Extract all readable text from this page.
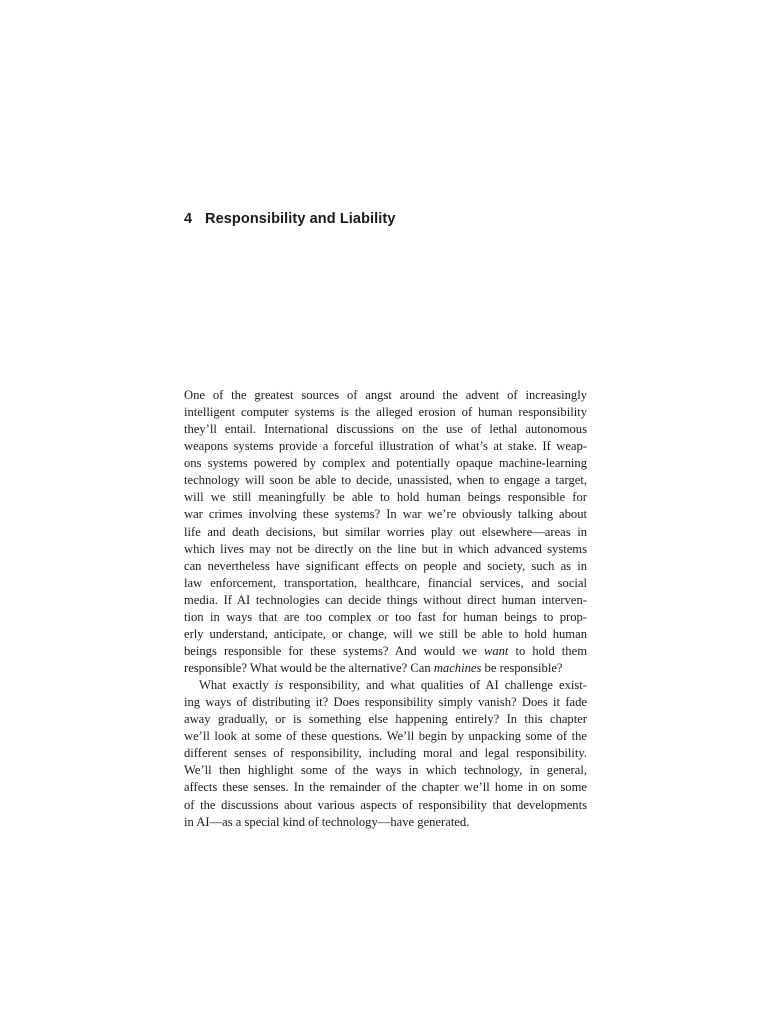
4 Responsibility and Liability

One of the greatest sources of angst around the advent of increasingly
intelligent computer systems is the alleged erosion of human responsibility
they’ll entail. International discussions on the use of lethal autonomous
weapons systems provide a forceful illustration of what’s at stake. If weap-
ons systems powered by complex and potentially opaque machine-learning
technology will soon be able to decide, unassisted, when to engage a target,
will we still meaningfully be able to hold human beings responsible for
war crimes involving these systems? In war we’re obviously talking about
life and death decisions, but similar worries play out elsewhere—areas in
which lives may not be directly on the line but in which advanced systems
can nevertheless have significant effects on people and society, such as in
law enforcement, transportation, healthcare, financial services, and social
media. If AI technologies can decide things without direct human interven-
tion in ways that are too complex or too fast for human beings to prop-
erly understand, anticipate, or change, will we still be able to hold human
beings responsible for these systems? And would we want to hold them
responsible? What would be the alternative? Can machines be responsible?

What exactly is responsibility, and what qualities of AI challenge exist-
ing ways of distributing it? Does responsibility simply vanish? Does it fade
away gradually, or is something else happening entirely? In this chapter
we’ll look at some of these questions. We’ll begin by unpacking some of the
different senses of responsibility, including moral and legal responsibility.
We’ll then highlight some of the ways in which technology, in general,
affects these senses. In the remainder of the chapter we’ll home in on some
of the discussions about various aspects of responsibility that developments
in AI—as a special kind of technology—have generated.
